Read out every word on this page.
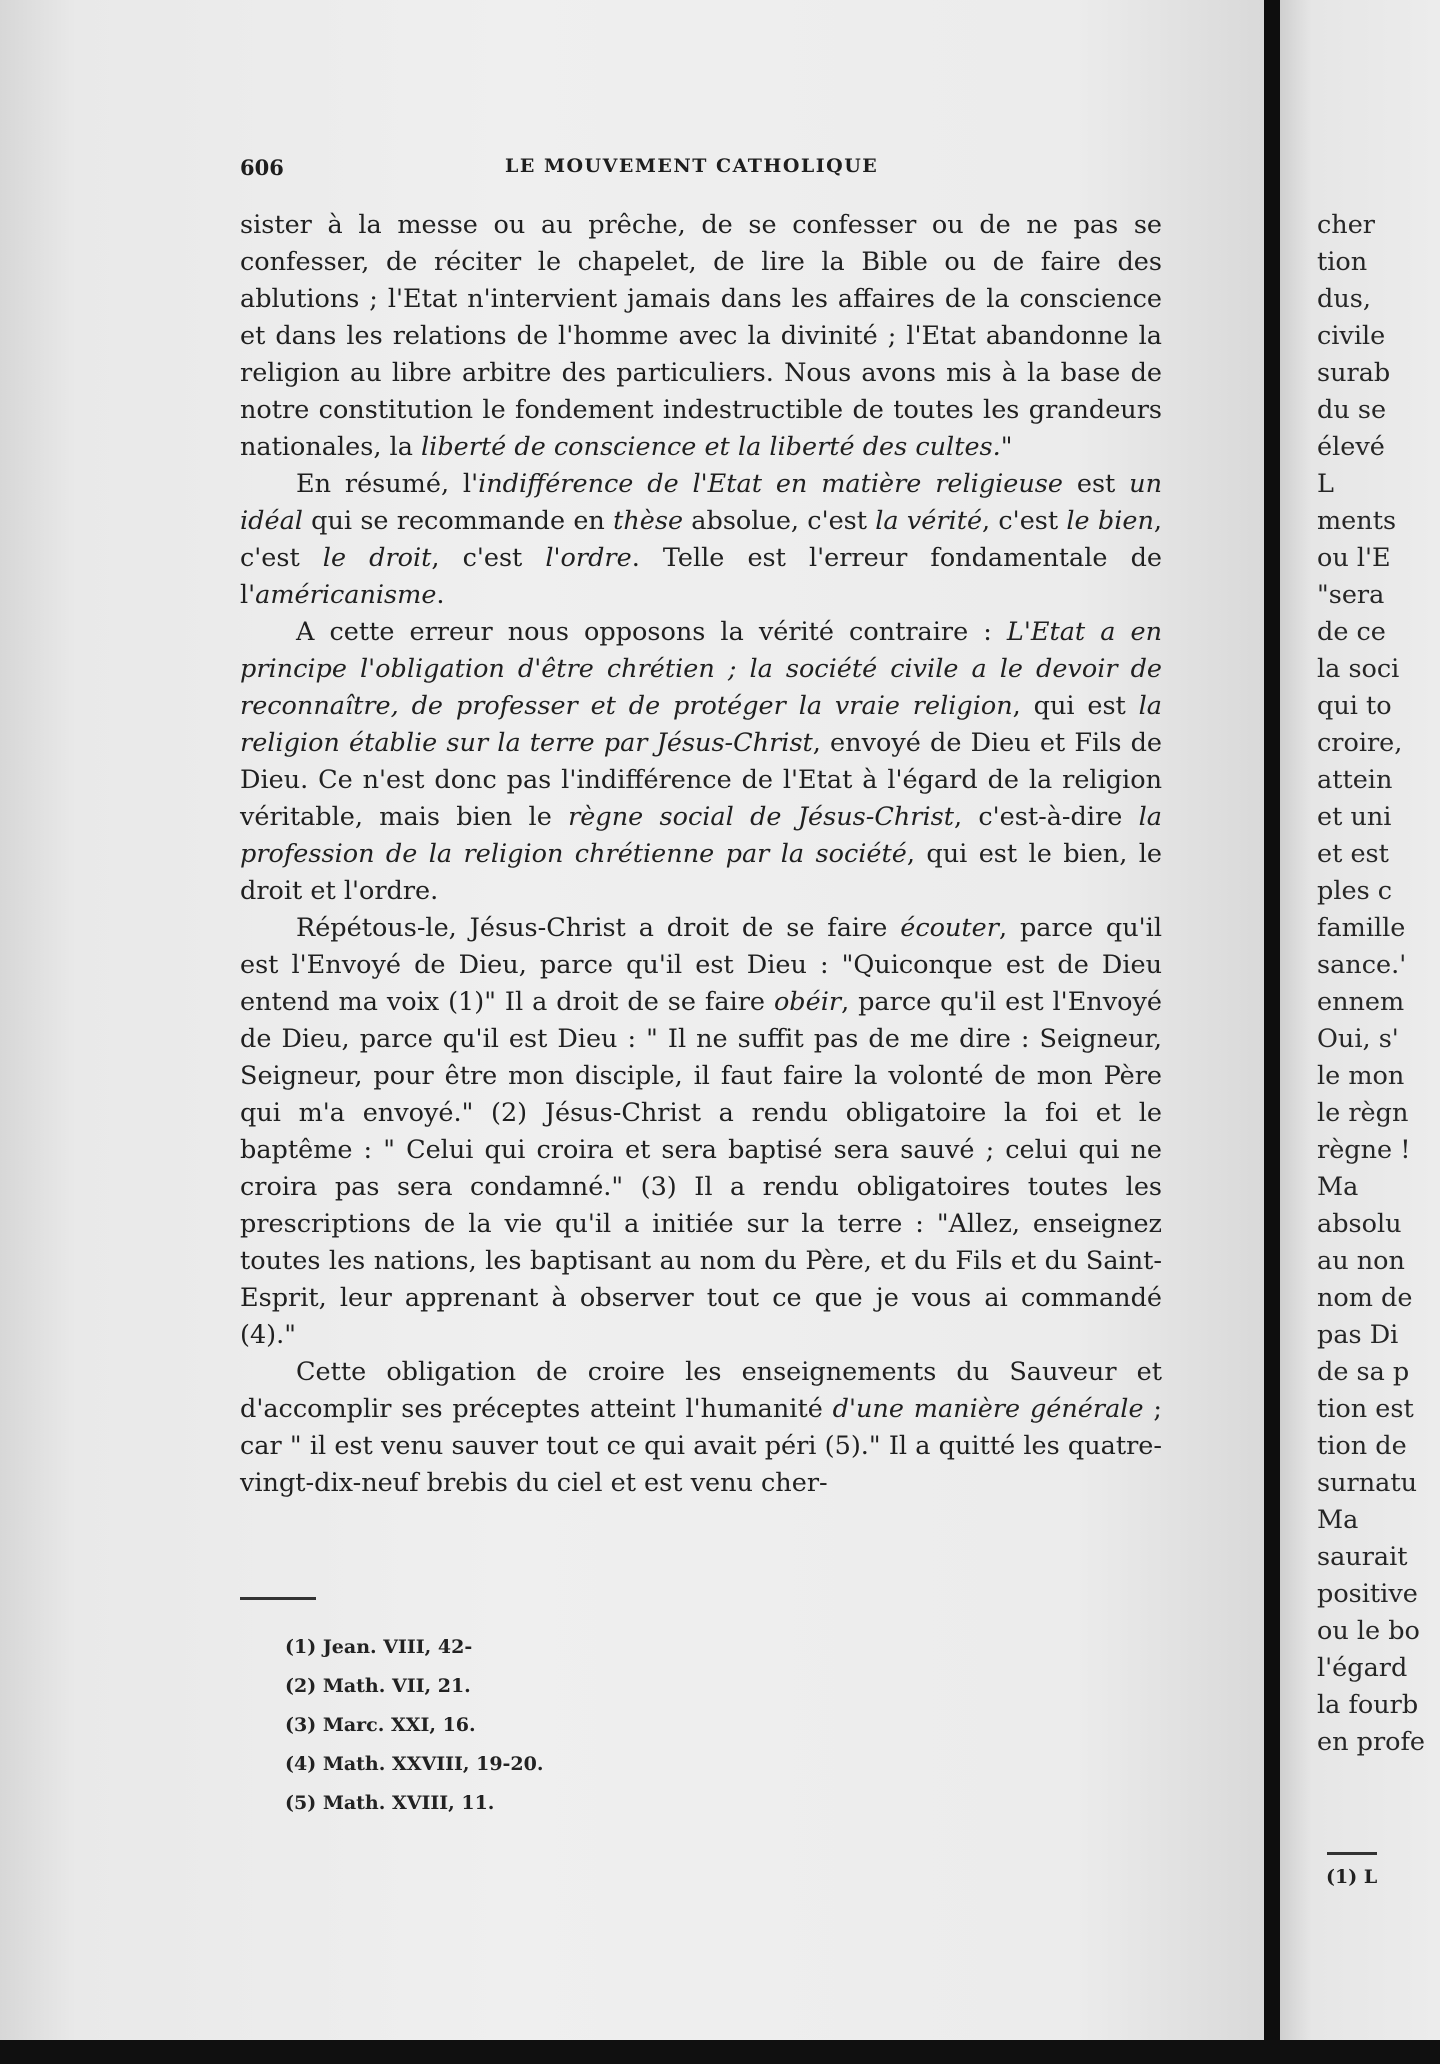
606	LE MOUVEMENT CATHOLIQUE

sister à la messe ou au prêche, de se confesser ou de ne pas se confesser, de réciter le chapelet, de lire la Bible ou de faire des ablutions ; l'Etat n'intervient jamais dans les affaires de la conscience et dans les relations de l'homme avec la divinité ; l'Etat abandonne la religion au libre arbitre des particuliers. Nous avons mis à la base de notre constitution le fondement indestructible de toutes les grandeurs nationales, la liberté de conscience et la liberté des cultes."

En résumé, l'indifférence de l'Etat en matière religieuse est un idéal qui se recommande en thèse absolue, c'est la vérité, c'est le bien, c'est le droit, c'est l'ordre. Telle est l'erreur fondamentale de l'américanisme.

A cette erreur nous opposons la vérité contraire : L'Etat a en principe l'obligation d'être chrétien ; la société civile a le devoir de reconnaître, de professer et de protéger la vraie religion, qui est la religion établie sur la terre par Jésus-Christ, envoyé de Dieu et Fils de Dieu. Ce n'est donc pas l'indifférence de l'Etat à l'égard de la religion véritable, mais bien le règne social de Jésus-Christ, c'est-à-dire la profession de la religion chrétienne par la société, qui est le bien, le droit et l'ordre.

Répétous-le, Jésus-Christ a droit de se faire écouter, parce qu'il est l'Envoyé de Dieu, parce qu'il est Dieu : "Quiconque est de Dieu entend ma voix (1)" Il a droit de se faire obéir, parce qu'il est l'Envoyé de Dieu, parce qu'il est Dieu : " Il ne suffit pas de me dire : Seigneur, Seigneur, pour être mon disciple, il faut faire la volonté de mon Père qui m'a envoyé." (2) Jésus-Christ a rendu obligatoire la foi et le baptême : " Celui qui croira et sera baptisé sera sauvé ; celui qui ne croira pas sera condamné." (3) Il a rendu obligatoires toutes les prescriptions de la vie qu'il a initiée sur la terre : "Allez, enseignez toutes les nations, les baptisant au nom du Père, et du Fils et du Saint-Esprit, leur apprenant à observer tout ce que je vous ai commandé (4)."

Cette obligation de croire les enseignements du Sauveur et d'accomplir ses préceptes atteint l'humanité d'une manière générale ; car " il est venu sauver tout ce qui avait péri (5)." Il a quitté les quatre-vingt-dix-neuf brebis du ciel et est venu cher-

(1) Jean. VIII, 42-
(2) Math. VII, 21.
(3) Marc. XXI, 16.
(4) Math. XXVIII, 19-20.
(5) Math. XVIII, 11.
cher
tion
dus,
civile
surab
du se
élevé
L
ments
ou l'E
"sera
de ce
la soci
qui to
croire,
attein
et uni
et est
ples c
famille
sance.'
ennem
Oui, s'
le mon
le règn
règne !
Ma
absolu
au non
nom de
pas Di
de sa p
tion est
tion de
surnatu
Ma
saurait
positive
ou le bo
l'égard
la fourb
en profe
(1) L
